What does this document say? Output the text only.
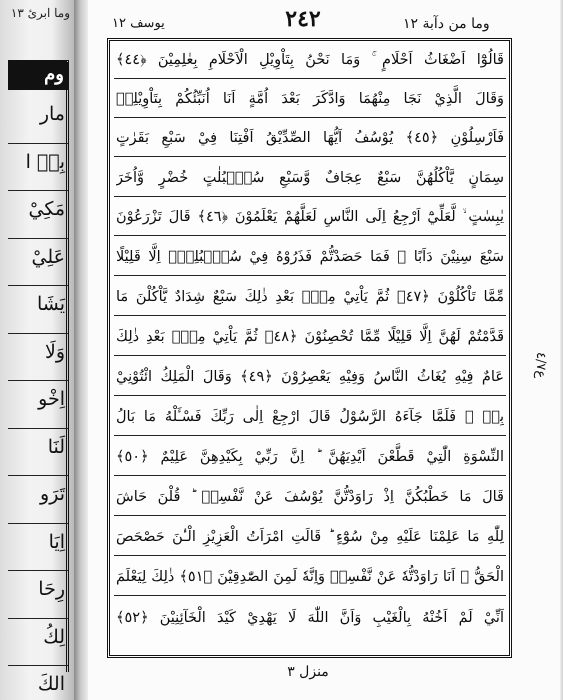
وما ابرئ ١٣
وم
مار
بِهٖ ا
مَكِيْ
عَلِيْ
يَشَا
وَلَا
اِخْو
لَنَا
تَرَو
اِيَا
رِحَا
لِكُ
الكَ
يوسف ١٢	٢٤٢	وما من دآبة ١٢
قَالُوْٓا اَضْغَاثُ اَحْلَامٍ ۚ وَمَا نَحْنُ بِتَاْوِيْلِ الْاَحْلَامِ بِعٰلِمِيْنَ ﴿٤٤﴾
وَقَالَ الَّذِيْ نَجَا مِنْهُمَا وَادَّكَرَ بَعْدَ اُمَّةٍ اَنَا اُنَبِّئُكُمْ بِتَاْوِيْلِهٖ
فَاَرْسِلُوْنِ ﴿٤٥﴾ يُوْسُفُ اَيُّهَا الصِّدِّيْقُ اَفْتِنَا فِيْ سَبْعِ بَقَرٰتٍ
سِمَانٍ يَّاْكُلُهُنَّ سَبْعٌ عِجَافٌ وَّسَبْعِ سُنْۢبُلٰتٍ خُضْرٍ وَّاُخَرَ
يٰبِسٰتٍ ۙ لَّعَلِّيْٓ اَرْجِعُ اِلَى النَّاسِ لَعَلَّهُمْ يَعْلَمُوْنَ ﴿٤٦﴾ قَالَ تَزْرَعُوْنَ
سَبْعَ سِنِيْنَ دَاَبًا ۚ فَمَا حَصَدْتُّمْ فَذَرُوْهُ فِيْ سُنْۢبُلِهٖٓ اِلَّا قَلِيْلًا
مِّمَّا تَاْكُلُوْنَ ﴿٤٧﴾ ثُمَّ يَاْتِيْ مِنْۢ بَعْدِ ذٰلِكَ سَبْعٌ شِدَادٌ يَّاْكُلْنَ مَا
قَدَّمْتُمْ لَهُنَّ اِلَّا قَلِيْلًا مِّمَّا تُحْصِنُوْنَ ﴿٤٨﴾ ثُمَّ يَاْتِيْ مِنْۢ بَعْدِ ذٰلِكَ
عَامٌ فِيْهِ يُغَاثُ النَّاسُ وَفِيْهِ يَعْصِرُوْنَ ﴿٤٩﴾ وَقَالَ الْمَلِكُ ائْتُوْنِيْ
بِهٖ ۚ فَلَمَّا جَآءَهُ الرَّسُوْلُ قَالَ ارْجِعْ اِلٰى رَبِّكَ فَسْـَٔلْهُ مَا بَالُ
النِّسْوَةِ الّٰتِيْ قَطَّعْنَ اَيْدِيَهُنَّ ؕ اِنَّ رَبِّيْ بِكَيْدِهِنَّ عَلِيْمٌ ﴿٥٠﴾
قَالَ مَا خَطْبُكُنَّ اِذْ رَاوَدْتُّنَّ يُوْسُفَ عَنْ نَّفْسِهٖ ؕ قُلْنَ حَاشَ
لِلّٰهِ مَا عَلِمْنَا عَلَيْهِ مِنْ سُوْٓءٍ ؕ قَالَتِ امْرَاَتُ الْعَزِيْزِ الْـٰٔنَ حَصْحَصَ
الْحَقُّ ۫ اَنَا رَاوَدْتُّهٗ عَنْ نَّفْسِهٖ وَاِنَّهٗ لَمِنَ الصّٰدِقِيْنَ ﴿٥١﴾ ذٰلِكَ لِيَعْلَمَ
اَنِّيْ لَمْ اَخُنْهُ بِالْغَيْبِ وَاَنَّ اللّٰهَ لَا يَهْدِيْ كَيْدَ الْخَآئِنِيْنَ ﴿٥٢﴾
ع٤/٧
منزل ٣
